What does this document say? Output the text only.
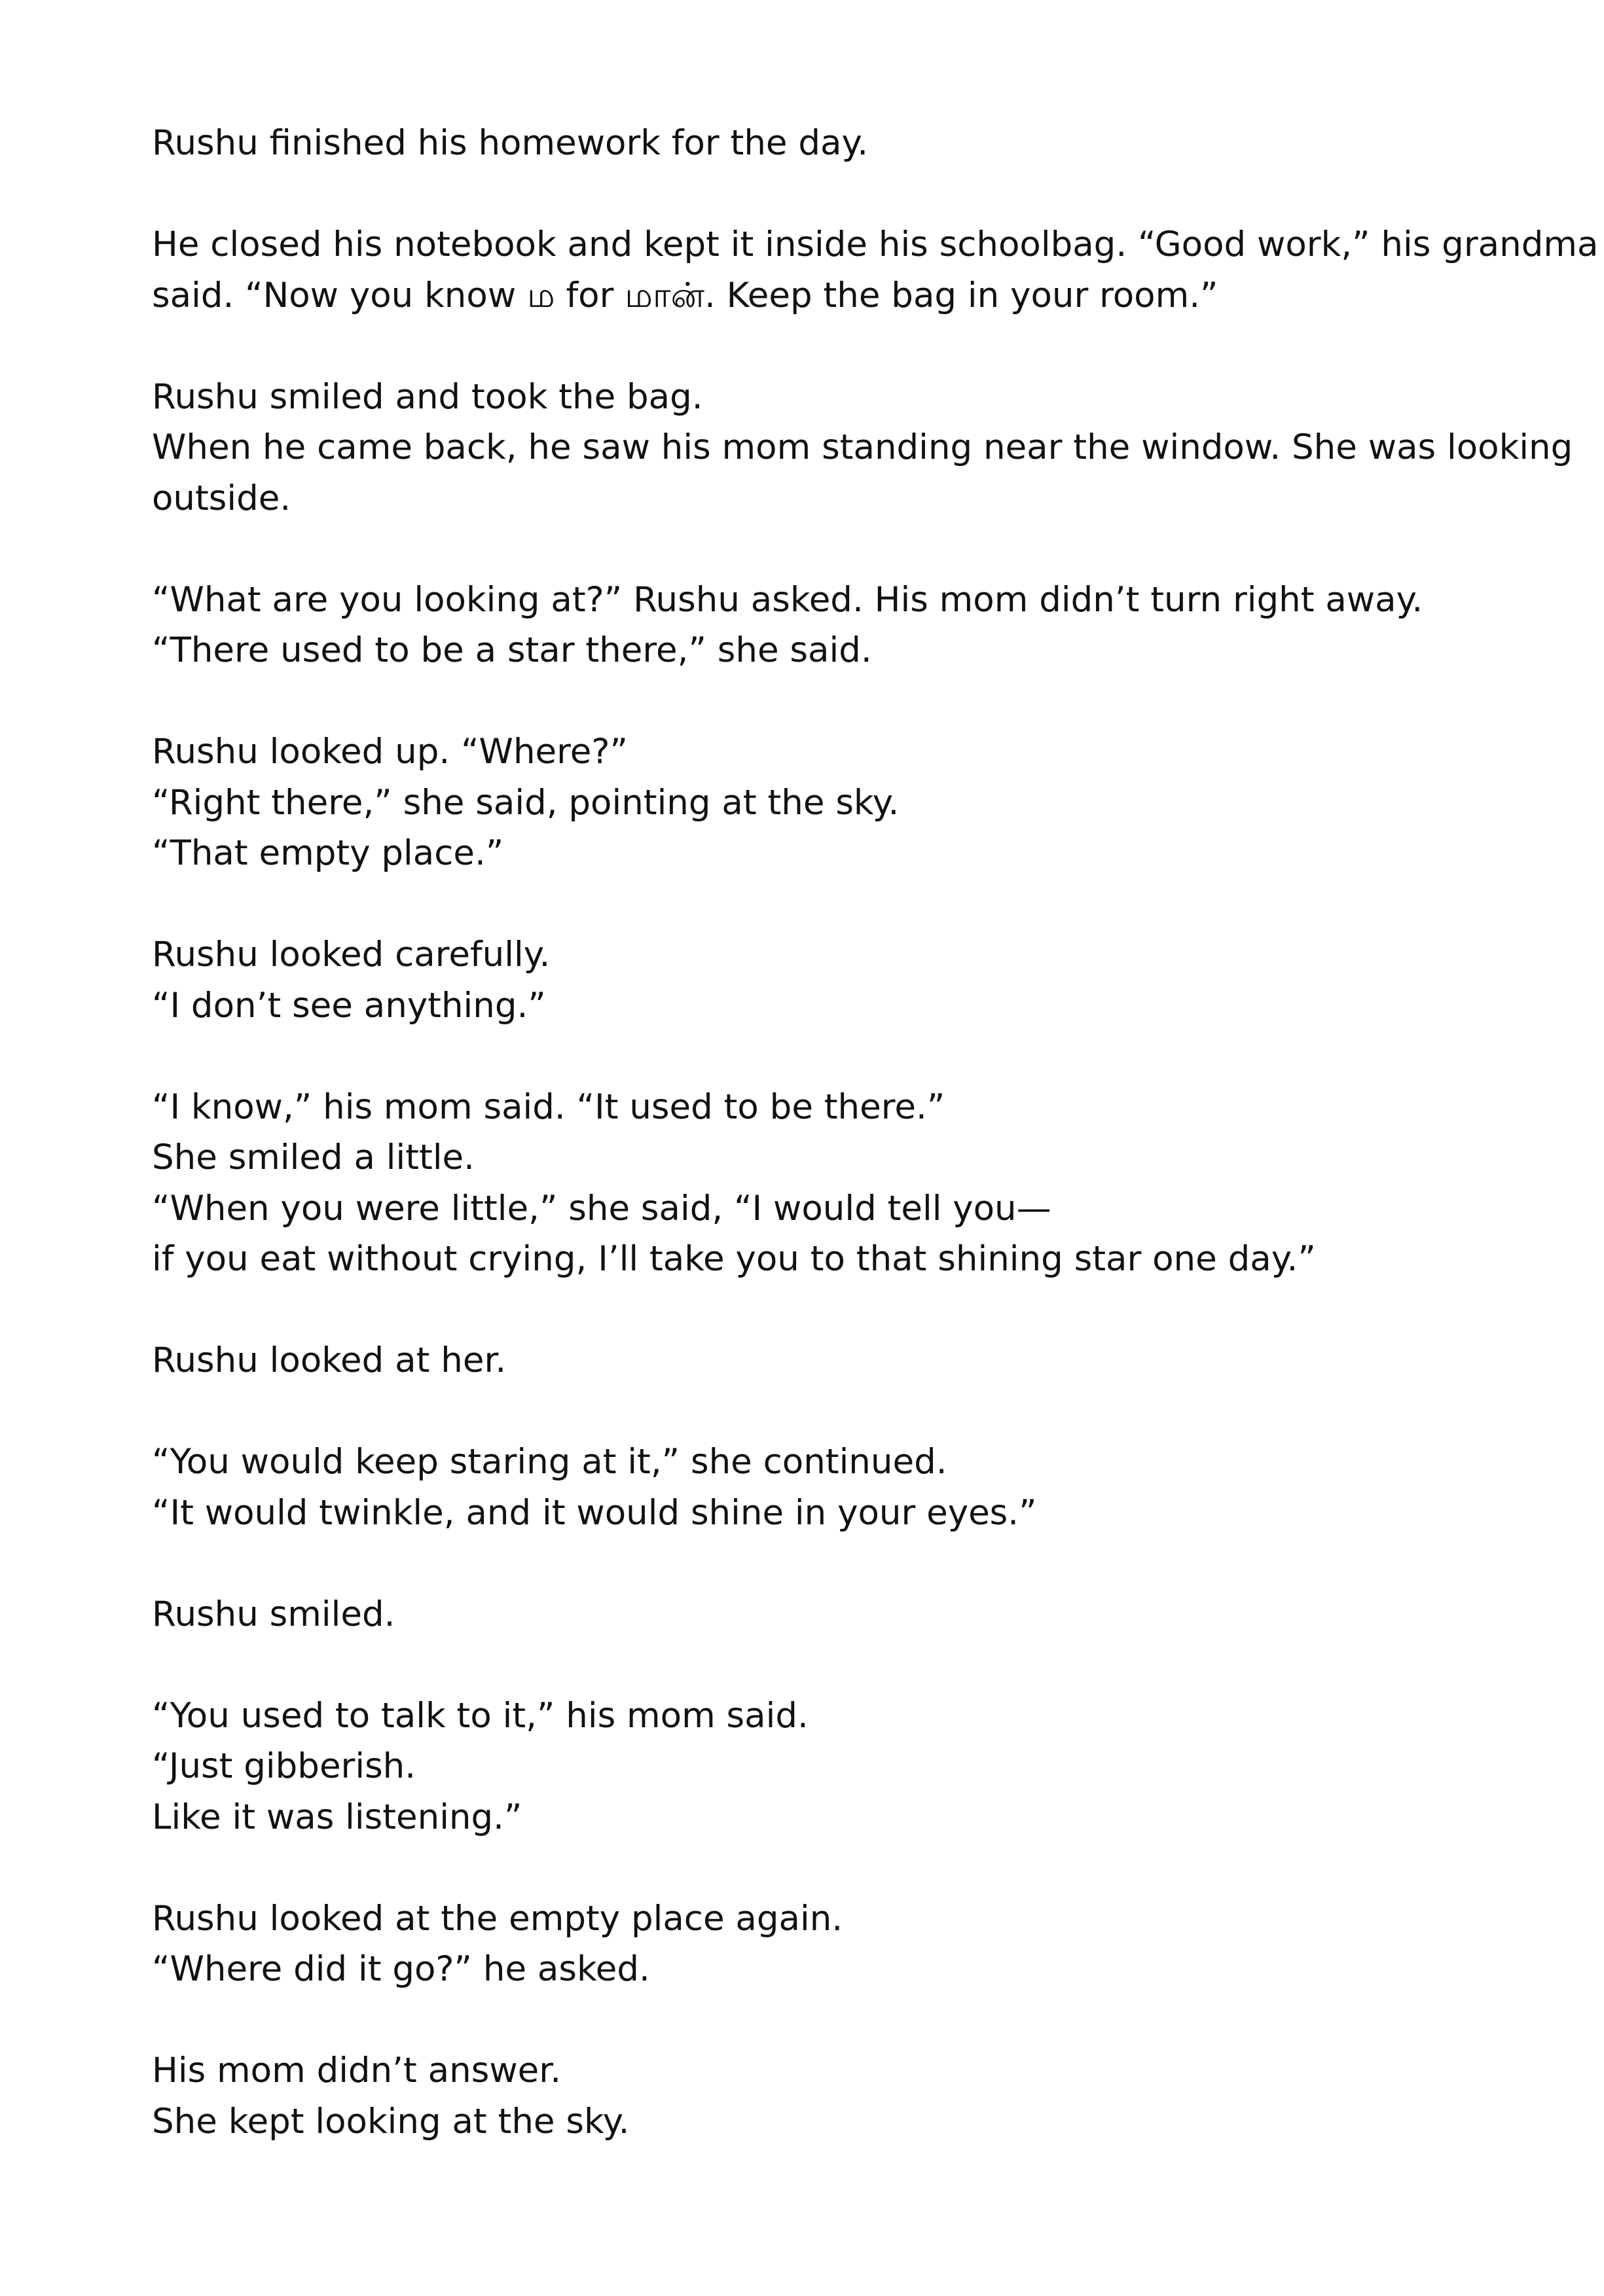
Rushu finished his homework for the day.

He closed his notebook and kept it inside his schoolbag. “Good work,” his grandma
said. “Now you know ம for மான். Keep the bag in your room.”

Rushu smiled and took the bag.
When he came back, he saw his mom standing near the window. She was looking
outside.

“What are you looking at?” Rushu asked. His mom didn’t turn right away.
“There used to be a star there,” she said.

Rushu looked up. “Where?”
“Right there,” she said, pointing at the sky.
“That empty place.”

Rushu looked carefully.
“I don’t see anything.”

“I know,” his mom said. “It used to be there.”
She smiled a little.
“When you were little,” she said, “I would tell you—
if you eat without crying, I’ll take you to that shining star one day.”

Rushu looked at her.

“You would keep staring at it,” she continued.
“It would twinkle, and it would shine in your eyes.”

Rushu smiled.

“You used to talk to it,” his mom said.
“Just gibberish.
Like it was listening.”

Rushu looked at the empty place again.
“Where did it go?” he asked.

His mom didn’t answer.
She kept looking at the sky.
